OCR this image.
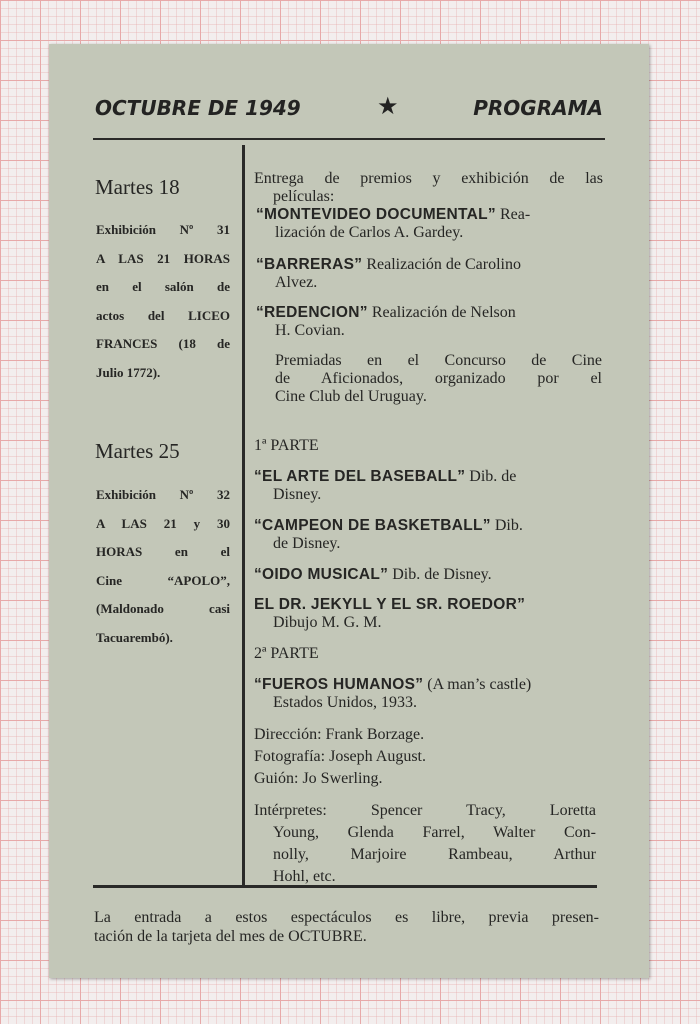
OCTUBRE DE 1949	★	PROGRAMA
Martes 18
Exhibición Nº 31
A LAS 21 HORAS
en el salón de
actos del LICEO
FRANCES (18 de
Julio 1772).
Martes 25
Exhibición Nº 32
A LAS 21 y 30
HORAS en el
Cine “APOLO”,
(Maldonado casi
Tacuarembó).

Entrega de premios y exhibición de las

películas:

“MONTEVIDEO DOCUMENTAL” Rea-

lización de Carlos A. Gardey.

“BARRERAS” Realización de Carolino

Alvez.

“REDENCION” Realización de Nelson

H. Covian.

Premiadas en el Concurso de Cine

de Aficionados, organizado por el

Cine Club del Uruguay.

1ª PARTE

“EL ARTE DEL BASEBALL” Dib. de

Disney.

“CAMPEON DE BASKETBALL” Dib.

de Disney.

“OIDO MUSICAL” Dib. de Disney.

EL DR. JEKYLL Y EL SR. ROEDOR”

Dibujo M. G. M.

2ª PARTE

“FUEROS HUMANOS” (A man’s castle)

Estados Unidos, 1933.

Dirección: Frank Borzage.

Fotografía: Joseph August.

Guión: Jo Swerling.

Intérpretes: Spencer Tracy, Loretta

Young, Glenda Farrel, Walter Con-

nolly, Marjoire Rambeau, Arthur

Hohl, etc.

La entrada a estos espectáculos es libre, previa presen-

tación de la tarjeta del mes de OCTUBRE.
